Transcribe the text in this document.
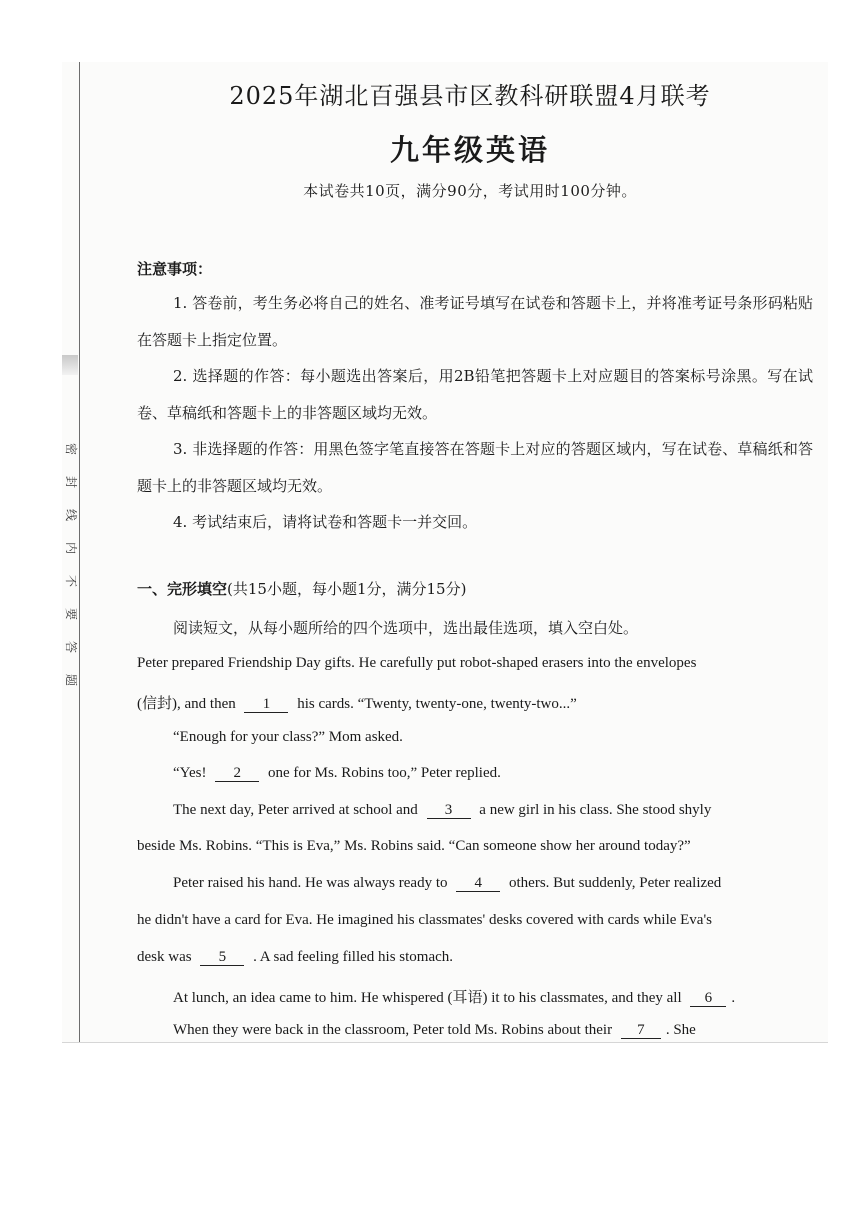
密
封
线
内
不
要
答
题
2025年湖北百强县市区教科研联盟4月联考
九年级英语
本试卷共10页，满分90分，考试用时100分钟。
注意事项：
1. 答卷前，考生务必将自己的姓名、准考证号填写在试卷和答题卡上，并将准考证号条形码粘贴在答题卡上指定位置。
2. 选择题的作答：每小题选出答案后，用2B铅笔把答题卡上对应题目的答案标号涂黑。写在试卷、草稿纸和答题卡上的非答题区域均无效。
3. 非选择题的作答：用黑色签字笔直接答在答题卡上对应的答题区域内，写在试卷、草稿纸和答题卡上的非答题区域均无效。
4. 考试结束后，请将试卷和答题卡一并交回。
一、完形填空(共15小题，每小题1分，满分15分)
阅读短文，从每小题所给的四个选项中，选出最佳选项，填入空白处。
Peter prepared Friendship Day gifts. He carefully put robot-shaped erasers into the envelopes
(信封), and then 1 his cards. “Twenty, twenty-one, twenty-two...”
“Enough for your class?” Mom asked.
“Yes! 2 one for Ms. Robins too,” Peter replied.
The next day, Peter arrived at school and 3 a new girl in his class. She stood shyly
beside Ms. Robins. “This is Eva,” Ms. Robins said. “Can someone show her around today?”
Peter raised his hand. He was always ready to 4 others. But suddenly, Peter realized
he didn't have a card for Eva. He imagined his classmates' desks covered with cards while Eva's
desk was 5 . A sad feeling filled his stomach.
At lunch, an idea came to him. He whispered (耳语) it to his classmates, and they all 6 .
When they were back in the classroom, Peter told Ms. Robins about their 7 . She
